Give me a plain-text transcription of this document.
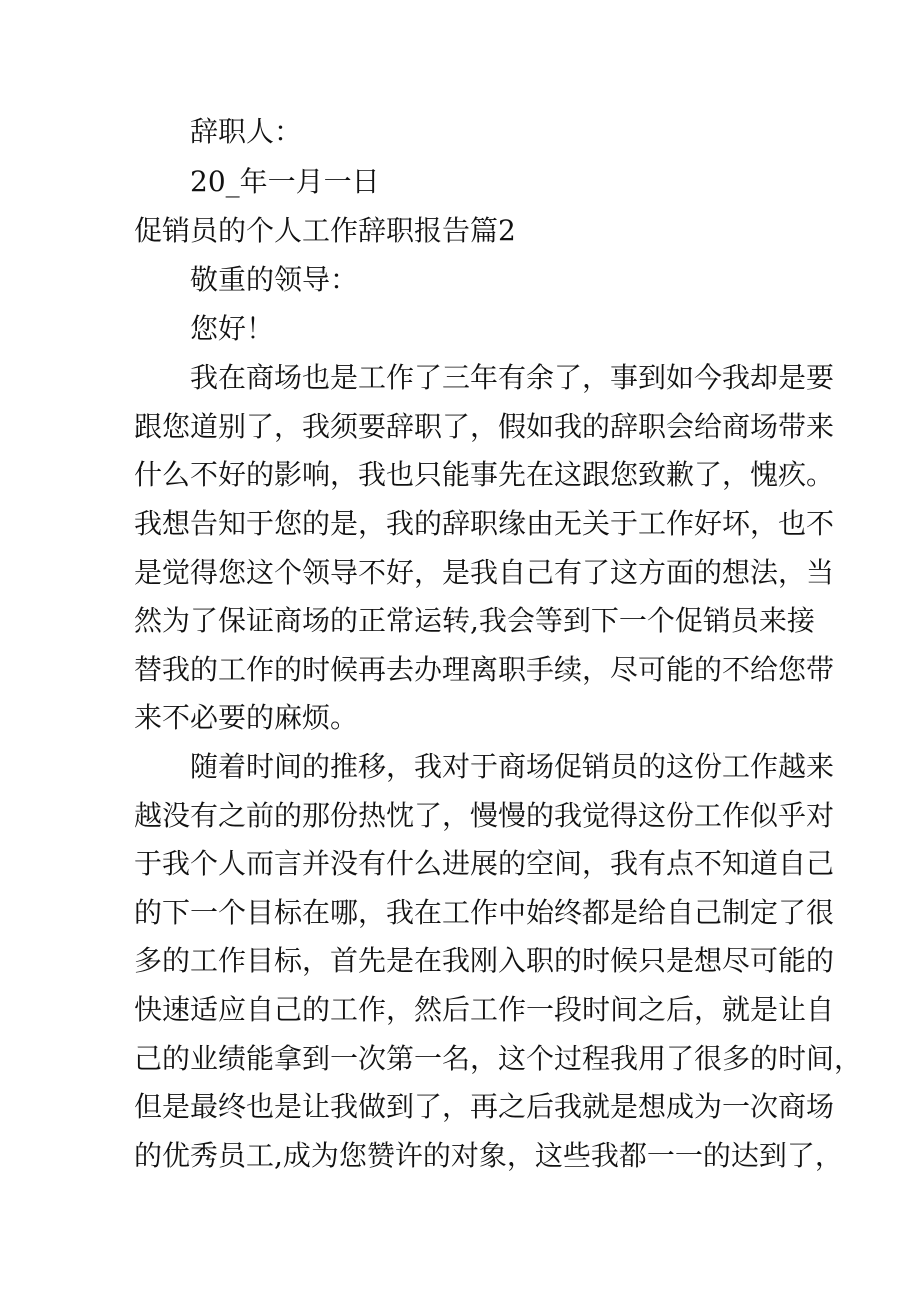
辞职人：
20_年一月一日
促销员的个人工作辞职报告篇2
敬重的领导：
您好！
我在商场也是工作了三年有余了，事到如今我却是要
跟您道别了，我须要辞职了，假如我的辞职会给商场带来
什么不好的影响，我也只能事先在这跟您致歉了，愧疚。
我想告知于您的是，我的辞职缘由无关于工作好坏，也不
是觉得您这个领导不好，是我自己有了这方面的想法，当
然为了保证商场的正常运转,我会等到下一个促销员来接
替我的工作的时候再去办理离职手续，尽可能的不给您带
来不必要的麻烦。
随着时间的推移，我对于商场促销员的这份工作越来
越没有之前的那份热忱了，慢慢的我觉得这份工作似乎对
于我个人而言并没有什么进展的空间，我有点不知道自己
的下一个目标在哪，我在工作中始终都是给自己制定了很
多的工作目标，首先是在我刚入职的时候只是想尽可能的
快速适应自己的工作，然后工作一段时间之后，就是让自
己的业绩能拿到一次第一名，这个过程我用了很多的时间，
但是最终也是让我做到了，再之后我就是想成为一次商场
的优秀员工,成为您赞许的对象，这些我都一一的达到了，
